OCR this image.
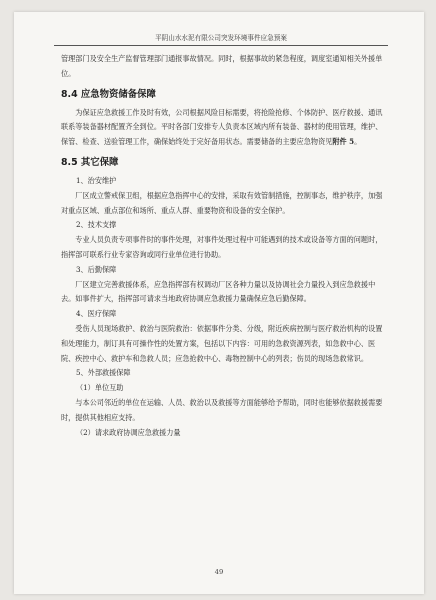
平阴山水水泥有限公司突发环境事件应急预案

管理部门及安全生产监督管理部门通报事故情况。同时，根据事故的紧急程度，调度室通知相关外援单位。

8.4 应急物资储备保障

为保证应急救援工作及时有效，公司根据风险目标需要，将抢险抢修、个体防护、医疗救援、通讯联系等装备器材配置齐全到位。平时各部门安排专人负责本区域内所有装备、器材的使用管理，维护、保管、检查、送验管理工作，确保始终处于完好备用状态。需要储备的主要应急物资见附件 5。

8.5 其它保障

1、治安维护

厂区成立警戒保卫组，根据应急指挥中心的安排，采取有效管制措施，控制事态，维护秩序，加强对重点区域、重点部位和场所、重点人群、重要物资和设备的安全保护。

2、技术支撑

专业人员负责专项事件时的事件处理，对事件处理过程中可能遇到的技术或设备等方面的问题时，指挥部可联系行业专家咨询或同行业单位进行协助。

3、后勤保障

厂区建立完善救援体系，应急指挥部有权调动厂区各种力量以及协调社会力量投入到应急救援中去。如事件扩大，指挥部可请求当地政府协调应急救援力量确保应急后勤保障。

4、医疗保障

受伤人员现场救护、救治与医院救治：依据事件分类、分级，附近疾病控制与医疗救治机构的设置和处理能力，制订具有可操作性的处置方案，包括以下内容：可用的急救资源列表，如急救中心、医院、疾控中心、救护车和急救人员；应急抢救中心、毒物控制中心的列表；伤员的现场急救常识。

5、外部救援保障

（1）单位互助

与本公司邻近的单位在运输、人员、救治以及救援等方面能够给予帮助，同时也能够依据救援需要时，提供其他相应支持。

（2）请求政府协调应急救援力量

49
